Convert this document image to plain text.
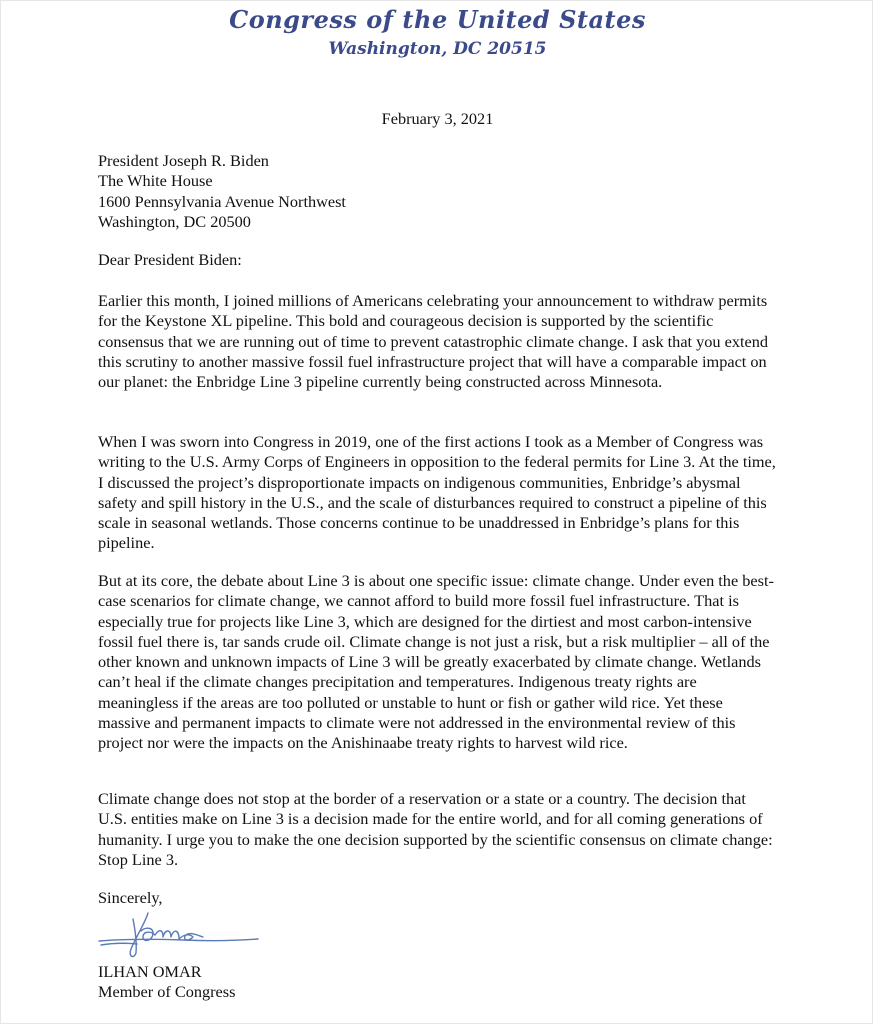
Congress of the United States
Washington, DC 20515
February 3, 2021
President Joseph R. Biden
The White House
1600 Pennsylvania Avenue Northwest
Washington, DC 20500
Dear President Biden:
Earlier this month, I joined millions of Americans celebrating your announcement to withdraw permits for the Keystone XL pipeline. This bold and courageous decision is supported by the scientific consensus that we are running out of time to prevent catastrophic climate change. I ask that you extend this scrutiny to another massive fossil fuel infrastructure project that will have a comparable impact on our planet: the Enbridge Line 3 pipeline currently being constructed across Minnesota.
When I was sworn into Congress in 2019, one of the first actions I took as a Member of Congress was writing to the U.S. Army Corps of Engineers in opposition to the federal permits for Line 3. At the time, I discussed the project’s disproportionate impacts on indigenous communities, Enbridge’s abysmal safety and spill history in the U.S., and the scale of disturbances required to construct a pipeline of this scale in seasonal wetlands. Those concerns continue to be unaddressed in Enbridge’s plans for this pipeline.
But at its core, the debate about Line 3 is about one specific issue: climate change. Under even the best-case scenarios for climate change, we cannot afford to build more fossil fuel infrastructure. That is especially true for projects like Line 3, which are designed for the dirtiest and most carbon-intensive fossil fuel there is, tar sands crude oil. Climate change is not just a risk, but a risk multiplier – all of the other known and unknown impacts of Line 3 will be greatly exacerbated by climate change. Wetlands can’t heal if the climate changes precipitation and temperatures. Indigenous treaty rights are meaningless if the areas are too polluted or unstable to hunt or fish or gather wild rice. Yet these massive and permanent impacts to climate were not addressed in the environmental review of this project nor were the impacts on the Anishinaabe treaty rights to harvest wild rice.
Climate change does not stop at the border of a reservation or a state or a country. The decision that U.S. entities make on Line 3 is a decision made for the entire world, and for all coming generations of humanity. I urge you to make the one decision supported by the scientific consensus on climate change: Stop Line 3.
Sincerely,
ILHAN OMAR
Member of Congress
